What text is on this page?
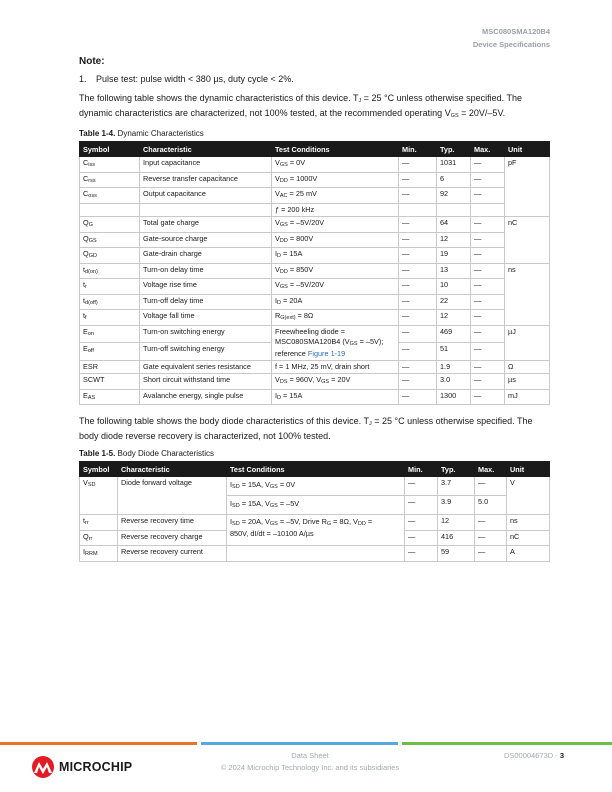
MSC080SMA120B4
Device Specifications
Note:
1.	Pulse test: pulse width < 380 µs, duty cycle < 2%.
The following table shows the dynamic characteristics of this device. $T_J = 25$ °C unless otherwise specified. The dynamic characteristics are characterized, not 100% tested, at the recommended operating $V_{GS} = 20V/-5V$.
Table 1-4. Dynamic Characteristics
Symbol	Characteristic	Test Conditions	Min.	Typ.	Max.	Unit
$C_{iss}$	Input capacitance	$V_{GS} = 0V$	—	1031	—	pF
$C_{rss}$	Reverse transfer capacitance	$V_{DD} = 1000V$	—	6	—	
$C_{oss}$	Output capacitance	$V_{AC} = 25$ mV	—	92	—	
		ƒ = 200 kHz				
$Q_G$	Total gate charge	$V_{GS} = -5V/20V$	—	64	—	nC
$Q_{GS}$	Gate-source charge	$V_{DD} = 800V$	—	12	—	
$Q_{GD}$	Gate-drain charge	$I_D = 15A$	—	19	—	
$t_{d(on)}$	Turn-on delay time	$V_{DD} = 850V$	—	13	—	ns
$t_r$	Voltage rise time	$V_{GS} = -5V/20V$	—	10	—	
$t_{d(off)}$	Turn-off delay time	$I_D = 20A$	—	22	—	
$t_f$	Voltage fall time	$R_{G(ext)} = 8\Omega$	—	12	—	
$E_{on}$	Turn-on switching energy	Freewheeling diode =
MSC080SMA120B4 $(V_{GS} = -5V)$;
reference Figure 1-19	—	469	—	µJ
$E_{off}$	Turn-off switching energy		—	51	—	
ESR	Gate equivalent series resistance	f = 1 MHz, 25 mV, drain short	—	1.9	—	Ω
SCWT	Short circuit withstand time	$V_{DS} = 960V$, $V_{GS} = 20V$	—	3.0	—	µs
$E_{AS}$	Avalanche energy, single pulse	$I_D = 15A$	—	1300	—	mJ
The following table shows the body diode characteristics of this device. $T_J = 25$ °C unless otherwise specified. The body diode reverse recovery is characterized, not 100% tested.
Table 1-5. Body Diode Characteristics
Symbol	Characteristic	Test Conditions	Min.	Typ.	Max.	Unit
$V_{SD}$	Diode forward voltage	$I_{SD} = 15A$, $V_{GS} = 0V$	—	3.7	—	V
		$I_{SD} = 15A$, $V_{GS} = -5V$	—	3.9	5.0	
$t_{rr}$	Reverse recovery time	$I_{SD} = 20A$, $V_{GS} = -5V$, Drive $R_G = 8\Omega$, $V_{DD}$ =
850V, dI/dt = –10100 A/µs	—	12	—	ns
$Q_{rr}$	Reverse recovery charge		—	416	—	nC
$I_{RRM}$	Reverse recovery current		—	59	—	A
MICROCHIP
Data Sheet
© 2024 Microchip Technology Inc. and its subsidiaries
DS00004673D - 3
